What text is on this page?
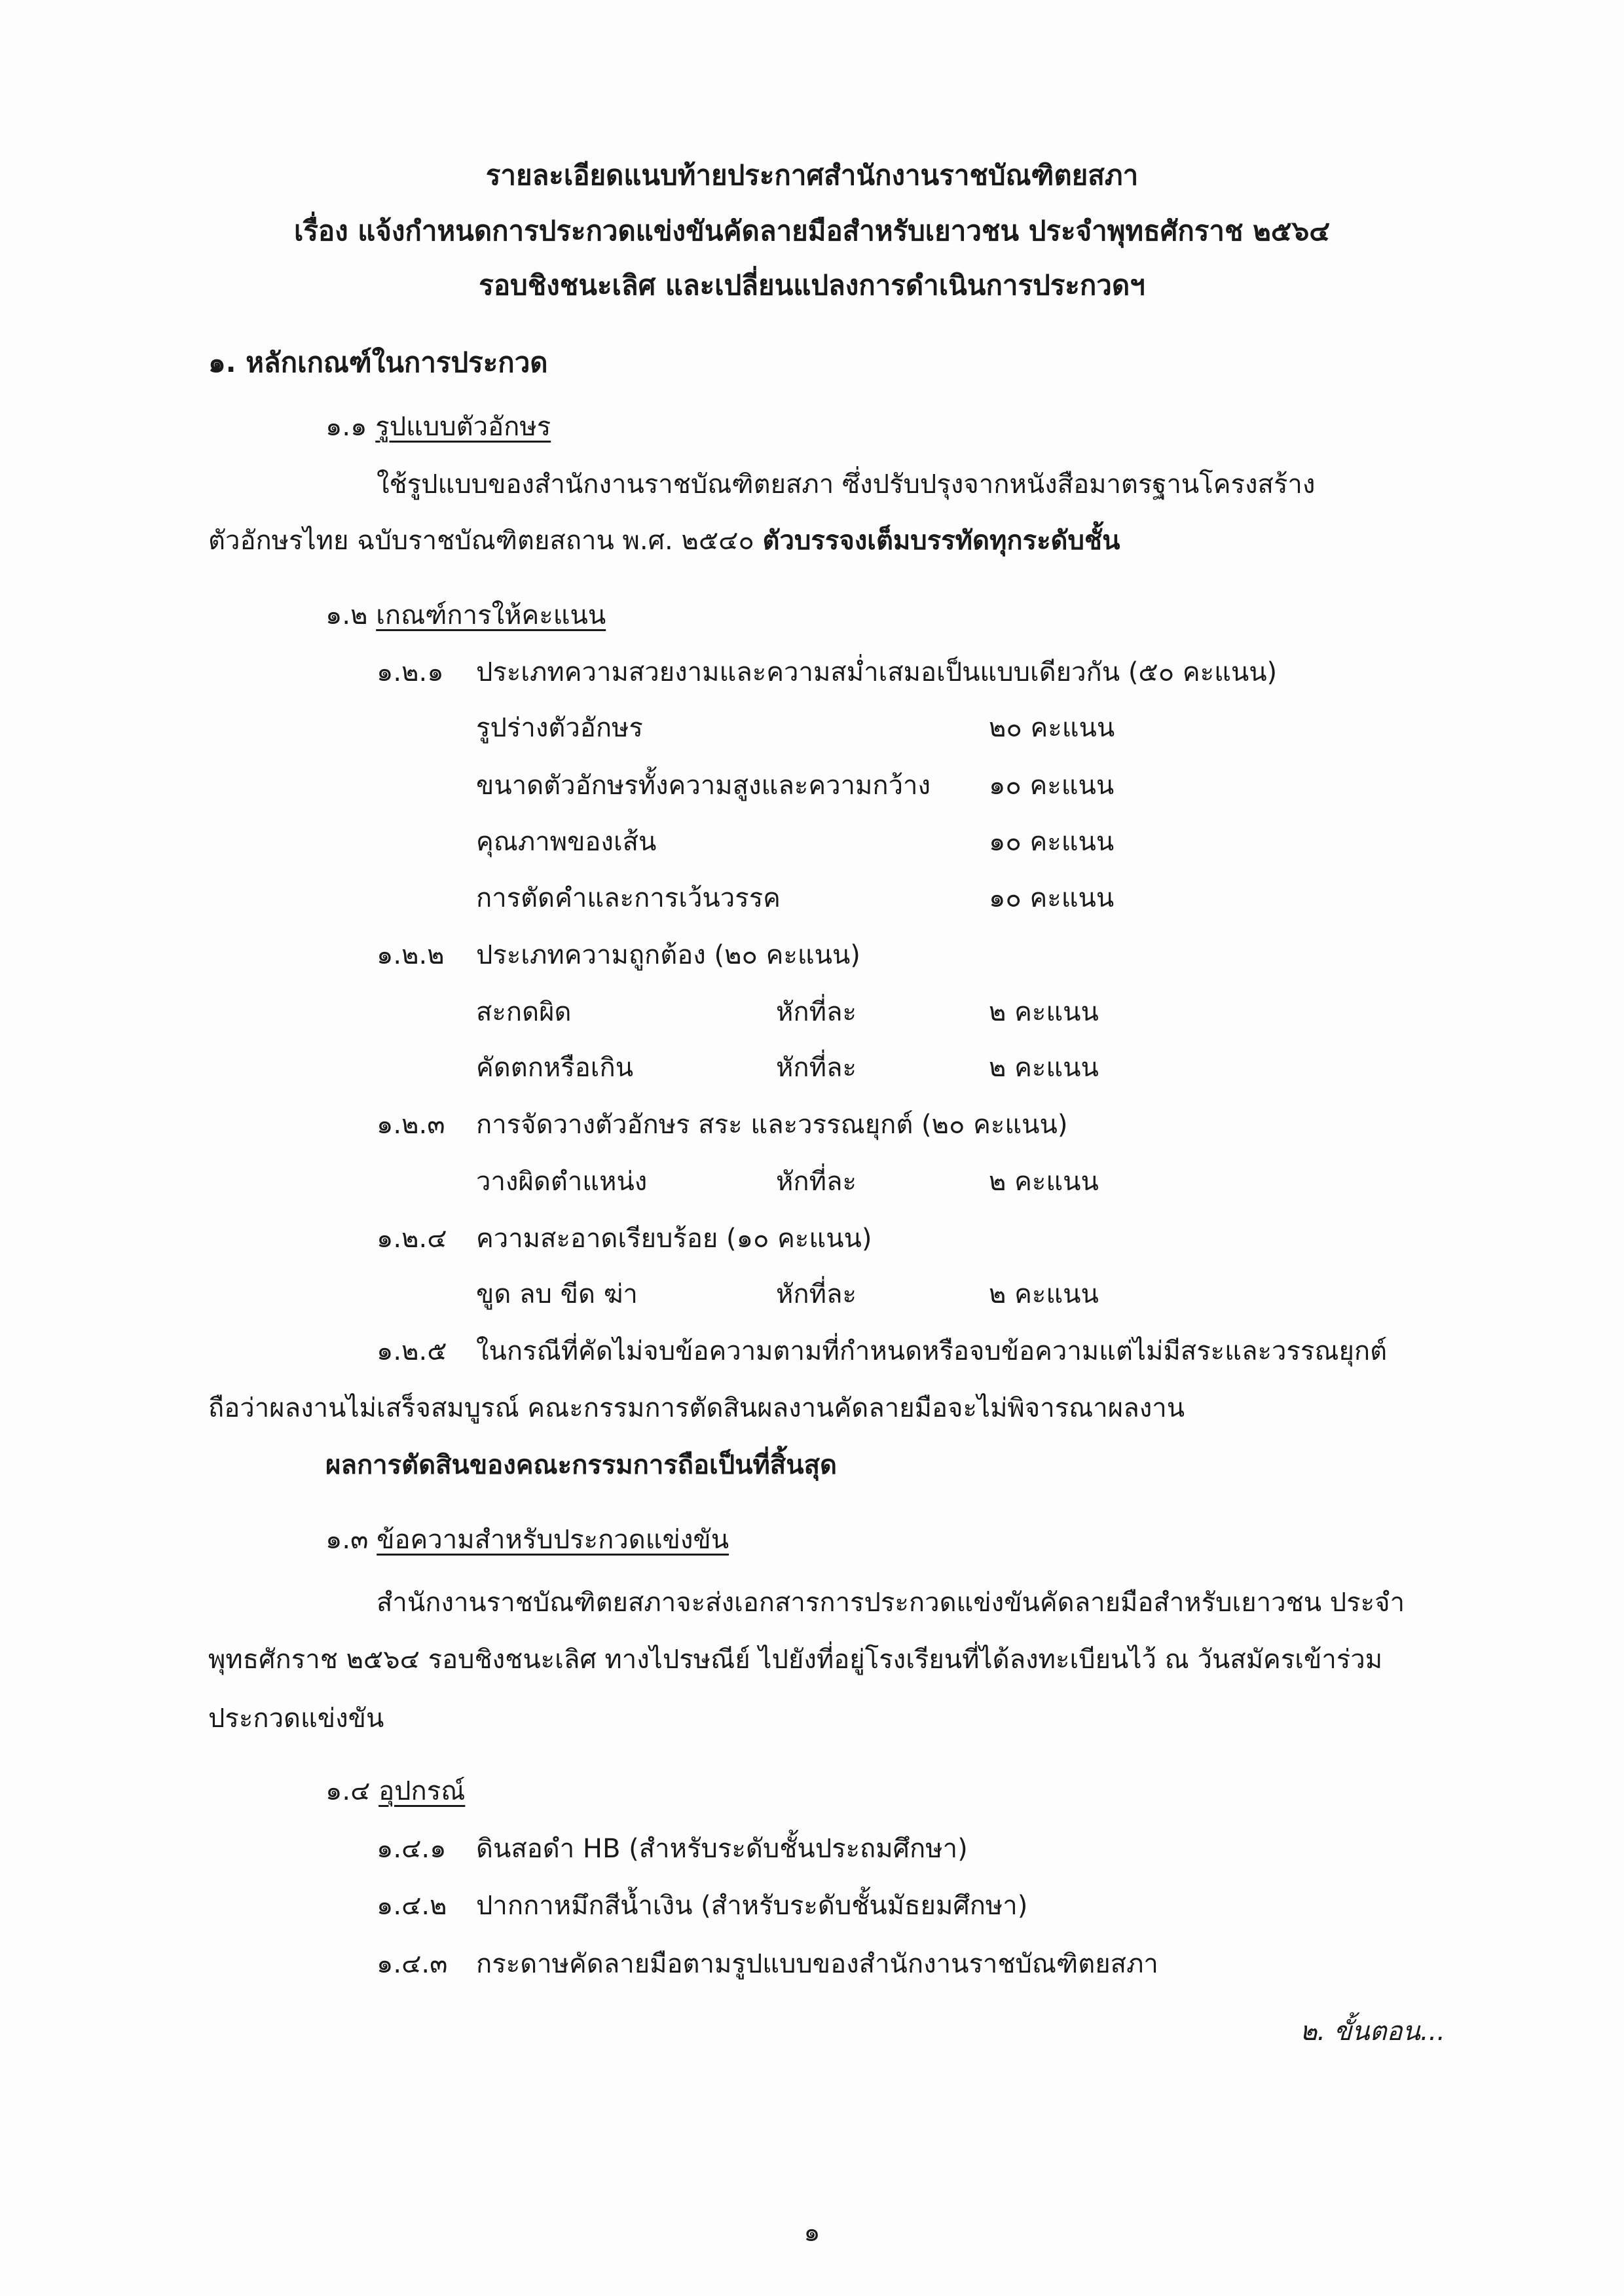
รายละเอียดแนบท้ายประกาศสำนักงานราชบัณฑิตยสภา
เรื่อง แจ้งกำหนดการประกวดแข่งขันคัดลายมือสำหรับเยาวชน ประจำพุทธศักราช ๒๕๖๔
รอบชิงชนะเลิศ และเปลี่ยนแปลงการดำเนินการประกวดฯ
๑. หลักเกณฑ์ในการประกวด
๑.๑ รูปแบบตัวอักษร
ใช้รูปแบบของสำนักงานราชบัณฑิตยสภา ซึ่งปรับปรุงจากหนังสือมาตรฐานโครงสร้าง
ตัวอักษรไทย ฉบับราชบัณฑิตยสถาน พ.ศ. ๒๕๔๐ ตัวบรรจงเต็มบรรทัดทุกระดับชั้น
๑.๒ เกณฑ์การให้คะแนน
๑.๒.๑ ประเภทความสวยงามและความสม่ำเสมอเป็นแบบเดียวกัน (๕๐ คะแนน)
รูปร่างตัวอักษร	๒๐ คะแนน
ขนาดตัวอักษรทั้งความสูงและความกว้าง ๑๐ คะแนน
คุณภาพของเส้น	๑๐ คะแนน
การตัดคำและการเว้นวรรค	๑๐ คะแนน
๑.๒.๒ ประเภทความถูกต้อง (๒๐ คะแนน)
สะกดผิด	หักที่ละ	๒ คะแนน
คัดตกหรือเกิน	หักที่ละ	๒ คะแนน
๑.๒.๓ การจัดวางตัวอักษร สระ และวรรณยุกต์ (๒๐ คะแนน)
วางผิดตำแหน่ง	หักที่ละ	๒ คะแนน
๑.๒.๔ ความสะอาดเรียบร้อย (๑๐ คะแนน)
ขูด ลบ ขีด ฆ่า	หักที่ละ	๒ คะแนน
๑.๒.๕ ในกรณีที่คัดไม่จบข้อความตามที่กำหนดหรือจบข้อความแต่ไม่มีสระและวรรณยุกต์
ถือว่าผลงานไม่เสร็จสมบูรณ์ คณะกรรมการตัดสินผลงานคัดลายมือจะไม่พิจารณาผลงาน
ผลการตัดสินของคณะกรรมการถือเป็นที่สิ้นสุด
๑.๓ ข้อความสำหรับประกวดแข่งขัน
สำนักงานราชบัณฑิตยสภาจะส่งเอกสารการประกวดแข่งขันคัดลายมือสำหรับเยาวชน ประจำ
พุทธศักราช ๒๕๖๔ รอบชิงชนะเลิศ ทางไปรษณีย์ ไปยังที่อยู่โรงเรียนที่ได้ลงทะเบียนไว้ ณ วันสมัครเข้าร่วม
ประกวดแข่งขัน
๑.๔ อุปกรณ์
๑.๔.๑ ดินสอดำ HB (สำหรับระดับชั้นประถมศึกษา)
๑.๔.๒ ปากกาหมึกสีน้ำเงิน (สำหรับระดับชั้นมัธยมศึกษา)
๑.๔.๓ กระดาษคัดลายมือตามรูปแบบของสำนักงานราชบัณฑิตยสภา
๒. ขั้นตอน...
๑
